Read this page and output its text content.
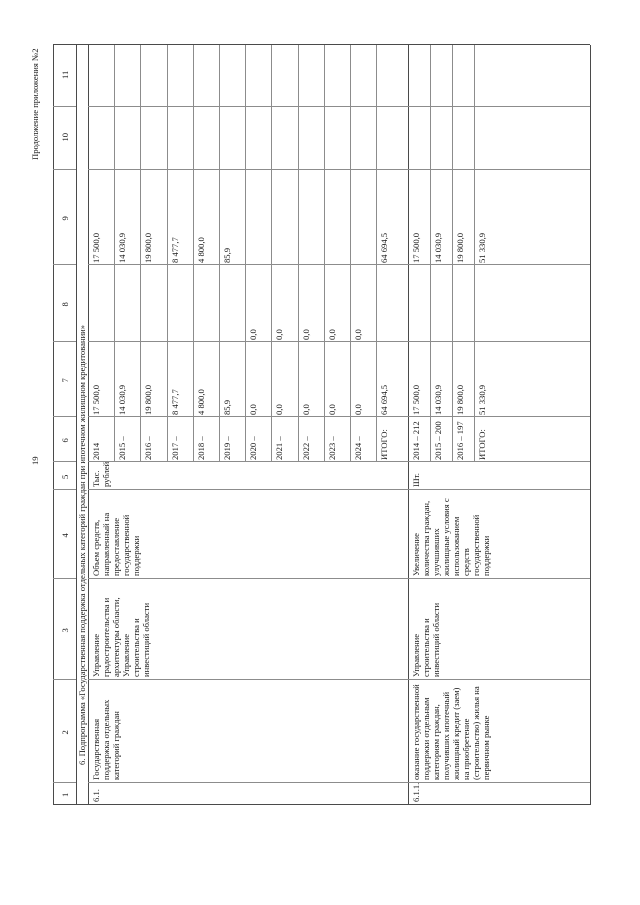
19
Продолжение приложения №2
1
2
3
4
5
6
7
8
9
10
11
6. Подпрограмма «Государственная поддержка отдельных категорий граждан при ипотечном жилищном кредитовании»
6.1.
Государственная поддержка отдельных категорий граждан
Управление градостроительства и архитектуры области, Управление строительства и инвестиций области
Объем средств, направленный на предоставление государственной поддержки
Тыс. рублей
2014
17 500,0
17 500,0
2015 –
14 030,9
14 030,9
2016 –
19 800,0
19 800,0
2017 –
8 477,7
8 477,7
2018 –
4 800,0
4 800,0
2019 –
85,9
85,9
2020 –
0,0
0,0
2021 –
0,0
0,0
2022 –
0,0
0,0
2023 –
0,0
0,0
2024 –
0,0
0,0
ИТОГО:
64 694,5
64 694,5
6.1.1.
оказание государственной поддержки отдельным категориям граждан, получивших ипотечный жилищный кредит (заем) на приобретение (строительство) жилья на первичном рынке
Управление строительства и инвестиций области
Увеличение количества граждан, улучшивших жилищные условия с использованием средств государственной поддержки
Шт.
2014 – 212
17 500,0
17 500,0
2015 – 200
14 030,9
14 030,9
2016 – 197
19 800,0
19 800,0
ИТОГО:
51 330,9
51 330,9
